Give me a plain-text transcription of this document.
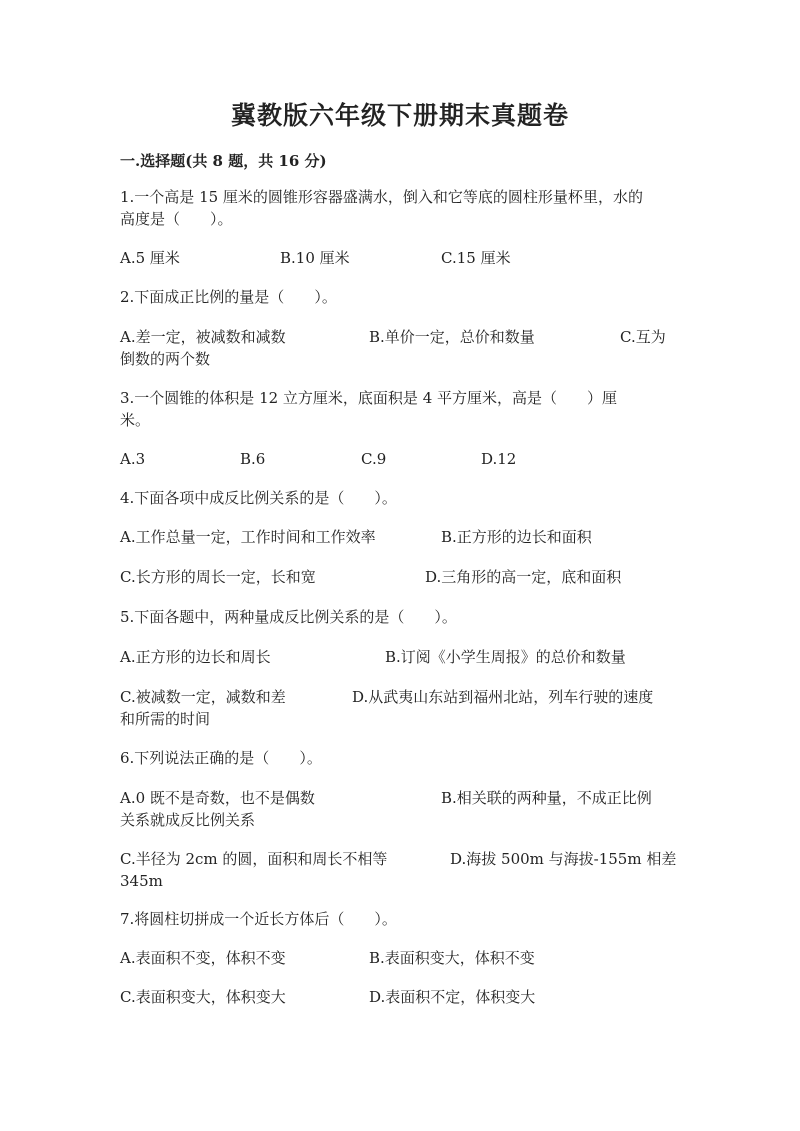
冀教版六年级下册期末真题卷
一.选择题(共 8 题，共 16 分)
1.一个高是 15 厘米的圆锥形容器盛满水，倒入和它等底的圆柱形量杯里，水的
高度是（　　）。
A.5 厘米	B.10 厘米	C.15 厘米
2.下面成正比例的量是（　　）。
A.差一定，被减数和减数	B.单价一定，总价和数量	C.互为
倒数的两个数
3.一个圆锥的体积是 12 立方厘米，底面积是 4 平方厘米，高是（　　）厘
米。
A.3	B.6	C.9	D.12
4.下面各项中成反比例关系的是（　　）。
A.工作总量一定，工作时间和工作效率	B.正方形的边长和面积
C.长方形的周长一定，长和宽	D.三角形的高一定，底和面积
5.下面各题中，两种量成反比例关系的是（　　）。
A.正方形的边长和周长	B.订阅《小学生周报》的总价和数量
C.被减数一定，减数和差	D.从武夷山东站到福州北站，列车行驶的速度
和所需的时间
6.下列说法正确的是（　　）。
A.0 既不是奇数，也不是偶数	B.相关联的两种量，不成正比例
关系就成反比例关系
C.半径为 2cm 的圆，面积和周长不相等	D.海拔 500m 与海拔-155m 相差
345m
7.将圆柱切拼成一个近长方体后（　　）。
A.表面积不变，体积不变	B.表面积变大，体积不变
C.表面积变大，体积变大	D.表面积不定，体积变大
